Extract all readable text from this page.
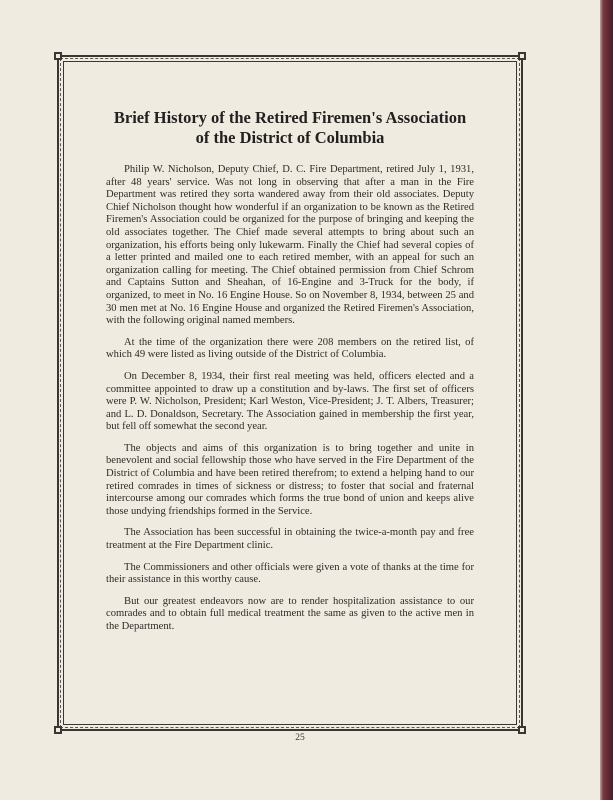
Brief History of the Retired Firemen's Association
of the District of Columbia

Philip W. Nicholson, Deputy Chief, D. C. Fire Department, retired July 1, 1931, after 48 years' service. Was not long in observing that after a man in the Fire Department was retired they sorta wandered away from their old associates. Deputy Chief Nicholson thought how wonderful if an organization to be known as the Retired Firemen's Association could be organized for the purpose of bringing and keeping the old associates together. The Chief made several attempts to bring about such an organization, his efforts being only lukewarm. Finally the Chief had several copies of a letter printed and mailed one to each retired member, with an appeal for such an organization calling for meeting. The Chief obtained permission from Chief Schrom and Captains Sutton and Sheahan, of 16-Engine and 3-Truck for the body, if organized, to meet in No. 16 Engine House. So on November 8, 1934, between 25 and 30 men met at No. 16 Engine House and organized the Retired Firemen's Association, with the following original named members.

At the time of the organization there were 208 members on the retired list, of which 49 were listed as living outside of the District of Columbia.

On December 8, 1934, their first real meeting was held, officers elected and a committee appointed to draw up a constitution and by-laws. The first set of officers were P. W. Nicholson, President; Karl Weston, Vice-President; J. T. Albers, Treasurer; and L. D. Donaldson, Secretary. The Association gained in membership the first year, but fell off somewhat the second year.

The objects and aims of this organization is to bring together and unite in benevolent and social fellowship those who have served in the Fire Department of the District of Columbia and have been retired therefrom; to extend a helping hand to our retired comrades in times of sickness or distress; to foster that social and fraternal intercourse among our comrades which forms the true bond of union and keeps alive those undying friendships formed in the Service.

The Association has been successful in obtaining the twice-a-month pay and free treatment at the Fire Department clinic.

The Commissioners and other officials were given a vote of thanks at the time for their assistance in this worthy cause.

But our greatest endeavors now are to render hospitalization assistance to our comrades and to obtain full medical treatment the same as given to the active men in the Department.

25
